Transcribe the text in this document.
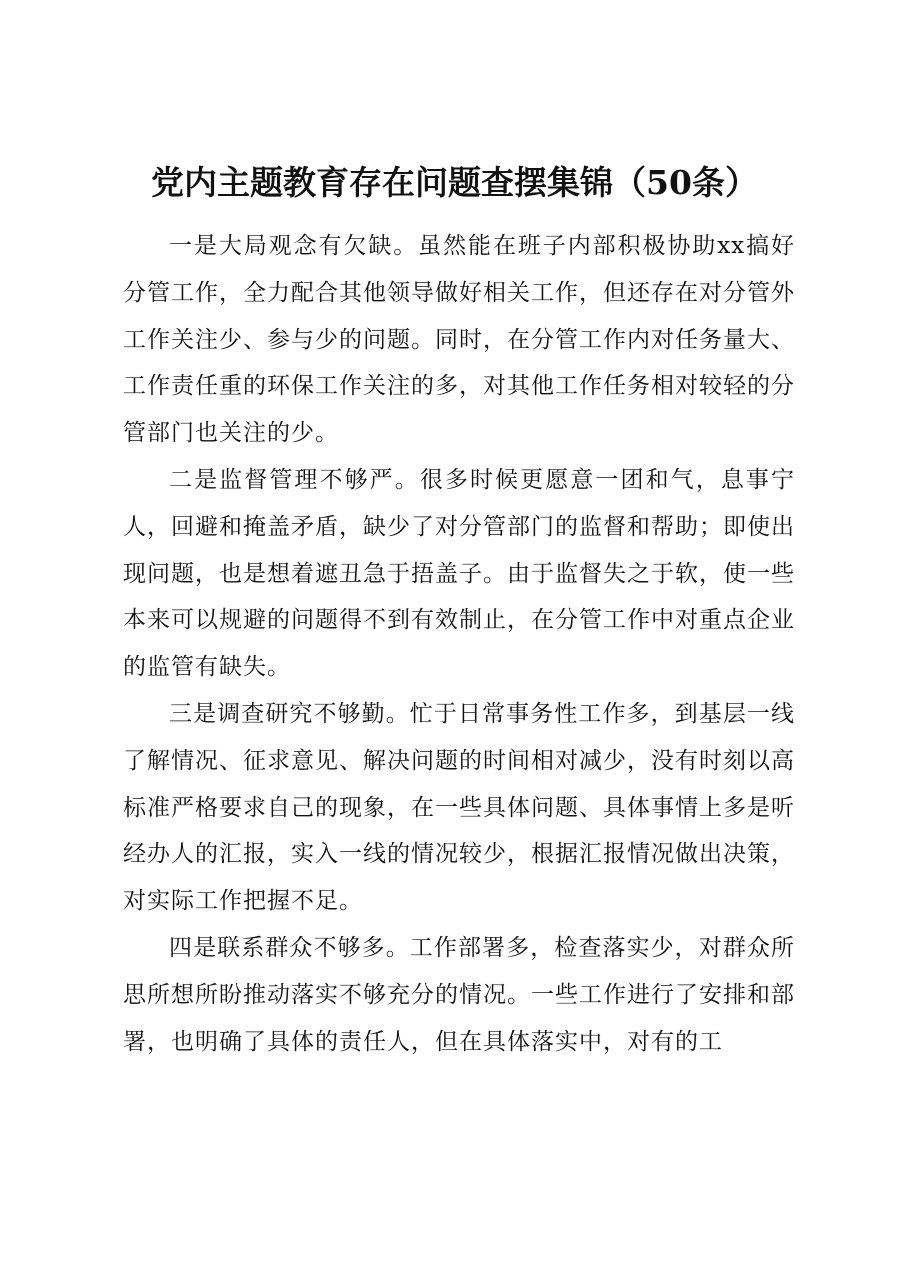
党内主题教育存在问题查摆集锦（50条）

一是大局观念有欠缺。虽然能在班子内部积极协助xx搞好分管工作，全力配合其他领导做好相关工作，但还存在对分管外工作关注少、参与少的问题。同时，在分管工作内对任务量大、工作责任重的环保工作关注的多，对其他工作任务相对较轻的分管部门也关注的少。

二是监督管理不够严。很多时候更愿意一团和气，息事宁人，回避和掩盖矛盾，缺少了对分管部门的监督和帮助；即使出现问题，也是想着遮丑急于捂盖子。由于监督失之于软，使一些本来可以规避的问题得不到有效制止，在分管工作中对重点企业的监管有缺失。

三是调查研究不够勤。忙于日常事务性工作多，到基层一线了解情况、征求意见、解决问题的时间相对减少，没有时刻以高标准严格要求自己的现象，在一些具体问题、具体事情上多是听经办人的汇报，实入一线的情况较少，根据汇报情况做出决策，对实际工作把握不足。

四是联系群众不够多。工作部署多，检查落实少，对群众所思所想所盼推动落实不够充分的情况。一些工作进行了安排和部署，也明确了具体的责任人，但在具体落实中，对有的工
